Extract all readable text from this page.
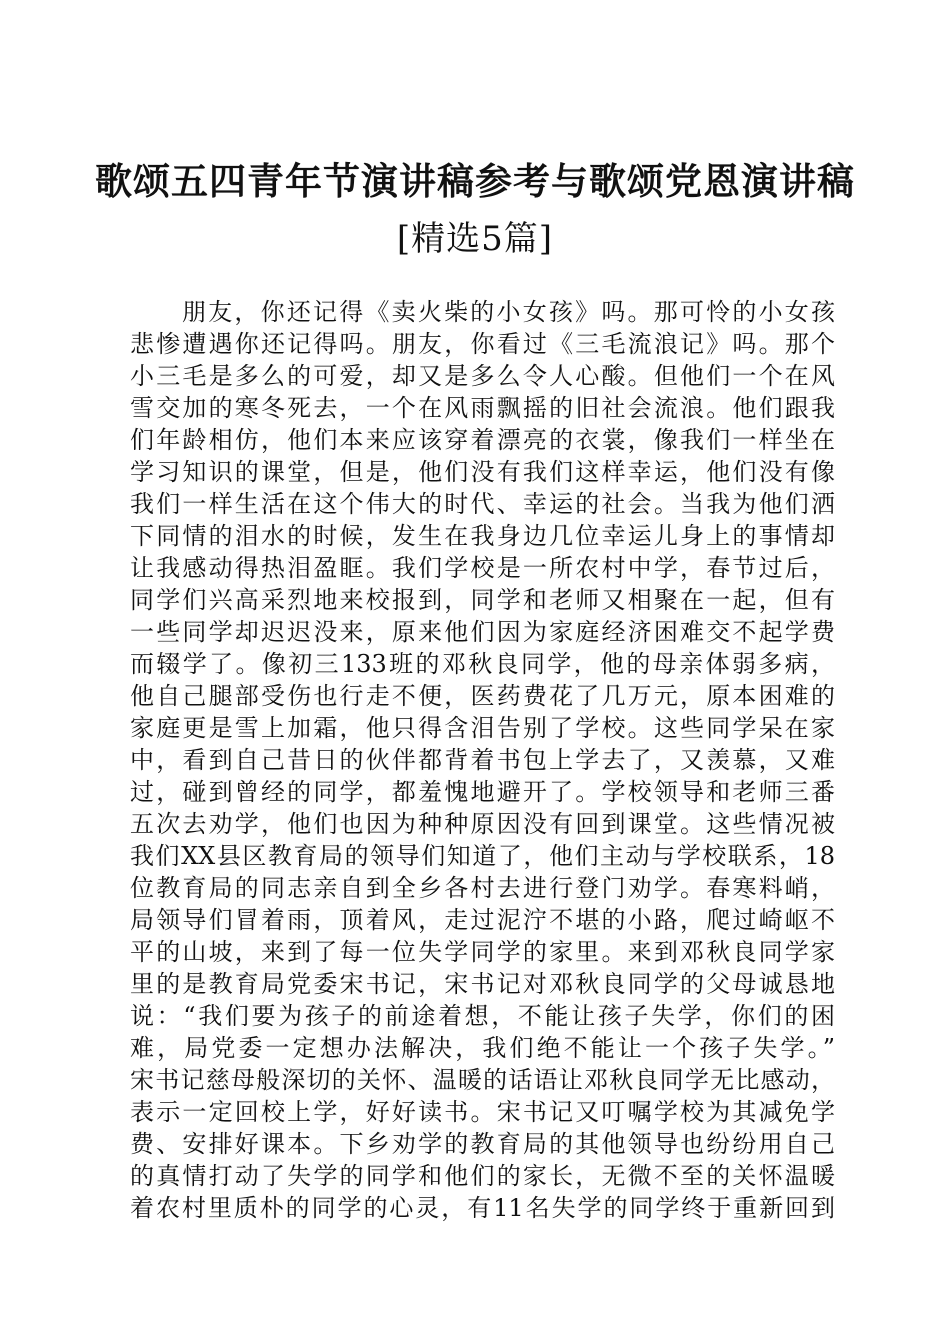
歌颂五四青年节演讲稿参考与歌颂党恩演讲稿
[精选5篇]
朋友，你还记得《卖火柴的小女孩》吗。那可怜的小女孩
悲惨遭遇你还记得吗。朋友，你看过《三毛流浪记》吗。那个
小三毛是多么的可爱，却又是多么令人心酸。但他们一个在风
雪交加的寒冬死去，一个在风雨飘摇的旧社会流浪。他们跟我
们年龄相仿，他们本来应该穿着漂亮的衣裳，像我们一样坐在
学习知识的课堂，但是，他们没有我们这样幸运，他们没有像
我们一样生活在这个伟大的时代、幸运的社会。当我为他们洒
下同情的泪水的时候，发生在我身边几位幸运儿身上的事情却
让我感动得热泪盈眶。我们学校是一所农村中学，春节过后，
同学们兴高采烈地来校报到，同学和老师又相聚在一起，但有
一些同学却迟迟没来，原来他们因为家庭经济困难交不起学费
而辍学了。像初三133班的邓秋良同学，他的母亲体弱多病，
他自己腿部受伤也行走不便，医药费花了几万元，原本困难的
家庭更是雪上加霜，他只得含泪告别了学校。这些同学呆在家
中，看到自己昔日的伙伴都背着书包上学去了，又羡慕，又难
过，碰到曾经的同学，都羞愧地避开了。学校领导和老师三番
五次去劝学，他们也因为种种原因没有回到课堂。这些情况被
我们XX县区教育局的领导们知道了，他们主动与学校联系，18
位教育局的同志亲自到全乡各村去进行登门劝学。春寒料峭，
局领导们冒着雨，顶着风，走过泥泞不堪的小路，爬过崎岖不
平的山坡，来到了每一位失学同学的家里。来到邓秋良同学家
里的是教育局党委宋书记，宋书记对邓秋良同学的父母诚恳地
说：“我们要为孩子的前途着想，不能让孩子失学，你们的困
难，局党委一定想办法解决，我们绝不能让一个孩子失学。”
宋书记慈母般深切的关怀、温暖的话语让邓秋良同学无比感动，
表示一定回校上学，好好读书。宋书记又叮嘱学校为其减免学
费、安排好课本。下乡劝学的教育局的其他领导也纷纷用自己
的真情打动了失学的同学和他们的家长，无微不至的关怀温暖
着农村里质朴的同学的心灵，有11名失学的同学终于重新回到
